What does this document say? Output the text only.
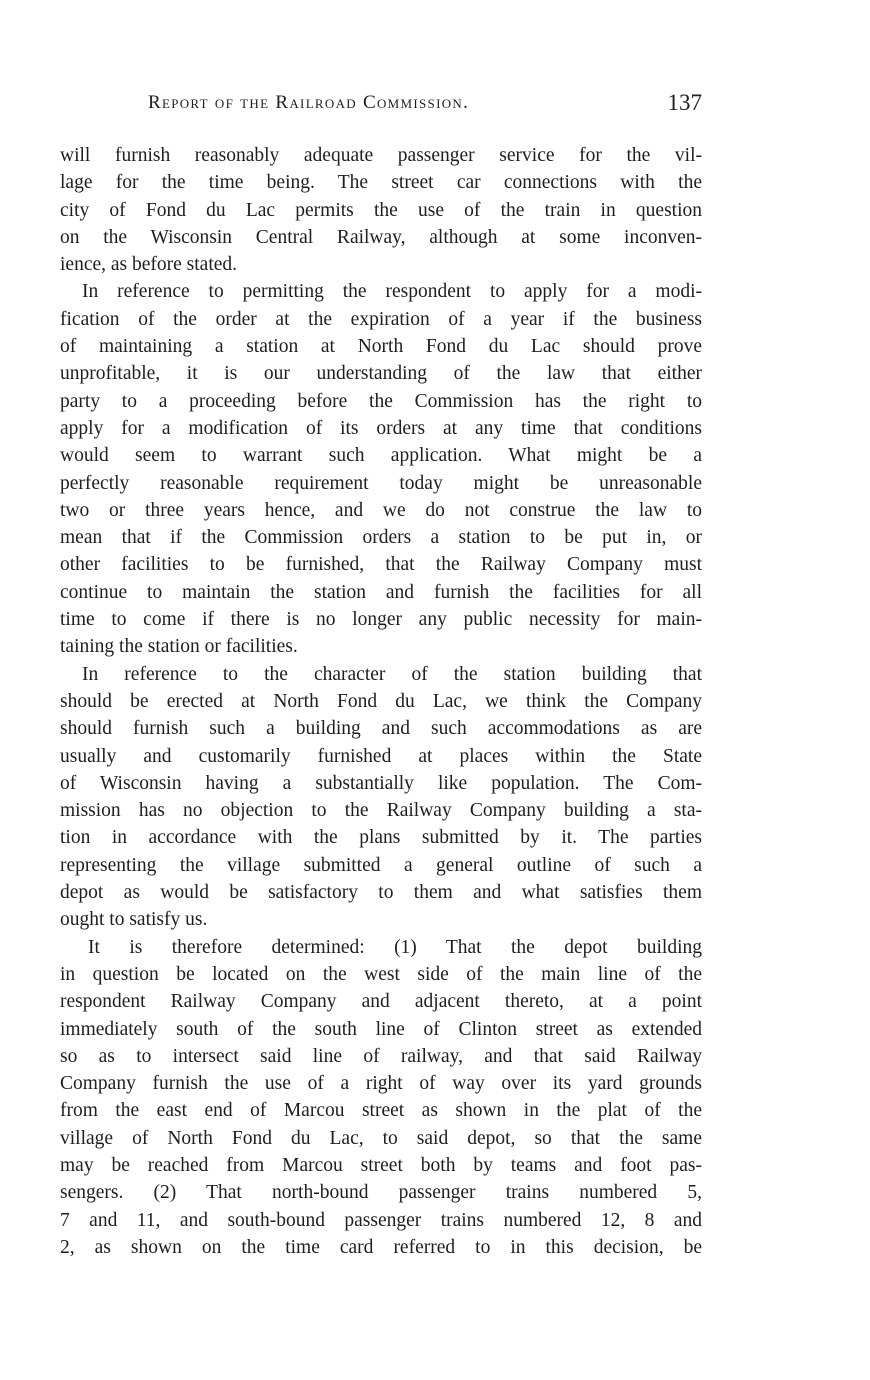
Report of the Railroad Commission.	137
will furnish reasonably adequate passenger service for the vil-
lage for the time being. The street car connections with the
city of Fond du Lac permits the use of the train in question
on the Wisconsin Central Railway, although at some inconven-
ience, as before stated.
In reference to permitting the respondent to apply for a modi-
fication of the order at the expiration of a year if the business
of maintaining a station at North Fond du Lac should prove
unprofitable, it is our understanding of the law that either
party to a proceeding before the Commission has the right to
apply for a modification of its orders at any time that conditions
would seem to warrant such application. What might be a
perfectly reasonable requirement today might be unreasonable
two or three years hence, and we do not construe the law to
mean that if the Commission orders a station to be put in, or
other facilities to be furnished, that the Railway Company must
continue to maintain the station and furnish the facilities for all
time to come if there is no longer any public necessity for main-
taining the station or facilities.
In reference to the character of the station building that
should be erected at North Fond du Lac, we think the Company
should furnish such a building and such accommodations as are
usually and customarily furnished at places within the State
of Wisconsin having a substantially like population. The Com-
mission has no objection to the Railway Company building a sta-
tion in accordance with the plans submitted by it. The parties
representing the village submitted a general outline of such a
depot as would be satisfactory to them and what satisfies them
ought to satisfy us.
It is therefore determined: (1) That the depot building
in question be located on the west side of the main line of the
respondent Railway Company and adjacent thereto, at a point
immediately south of the south line of Clinton street as extended
so as to intersect said line of railway, and that said Railway
Company furnish the use of a right of way over its yard grounds
from the east end of Marcou street as shown in the plat of the
village of North Fond du Lac, to said depot, so that the same
may be reached from Marcou street both by teams and foot pas-
sengers. (2) That north-bound passenger trains numbered 5,
7 and 11, and south-bound passenger trains numbered 12, 8 and
2, as shown on the time card referred to in this decision, be
